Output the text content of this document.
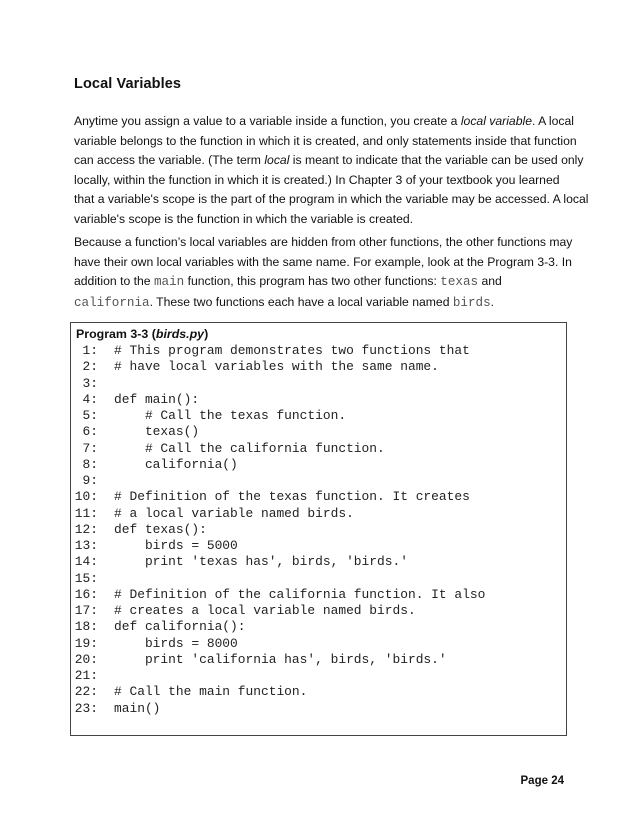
Local Variables

Anytime you assign a value to a variable inside a function, you create a local variable. A local
variable belongs to the function in which it is created, and only statements inside that function
can access the variable. (The term local is meant to indicate that the variable can be used only
locally, within the function in which it is created.) In Chapter 3 of your textbook you learned
that a variable's scope is the part of the program in which the variable may be accessed. A local
variable's scope is the function in which the variable is created.

Because a function’s local variables are hidden from other functions, the other functions may
have their own local variables with the same name. For example, look at the Program 3-3. In
addition to the main function, this program has two other functions: texas and
california. These two functions each have a local variable named birds.

Program 3-3 (birds.py)
1: # This program demonstrates two functions that
2: # have local variables with the same name.
3:
4: def main():
5:    # Call the texas function.
6:    texas()
7:    # Call the california function.
8:    california()
9:
10: # Definition of the texas function. It creates
11: # a local variable named birds.
12: def texas():
13:    birds = 5000
14:    print 'texas has', birds, 'birds.'
15:
16: # Definition of the california function. It also
17: # creates a local variable named birds.
18: def california():
19:    birds = 8000
20:    print 'california has', birds, 'birds.'
21:
22: # Call the main function.
23: main()
Page 24
